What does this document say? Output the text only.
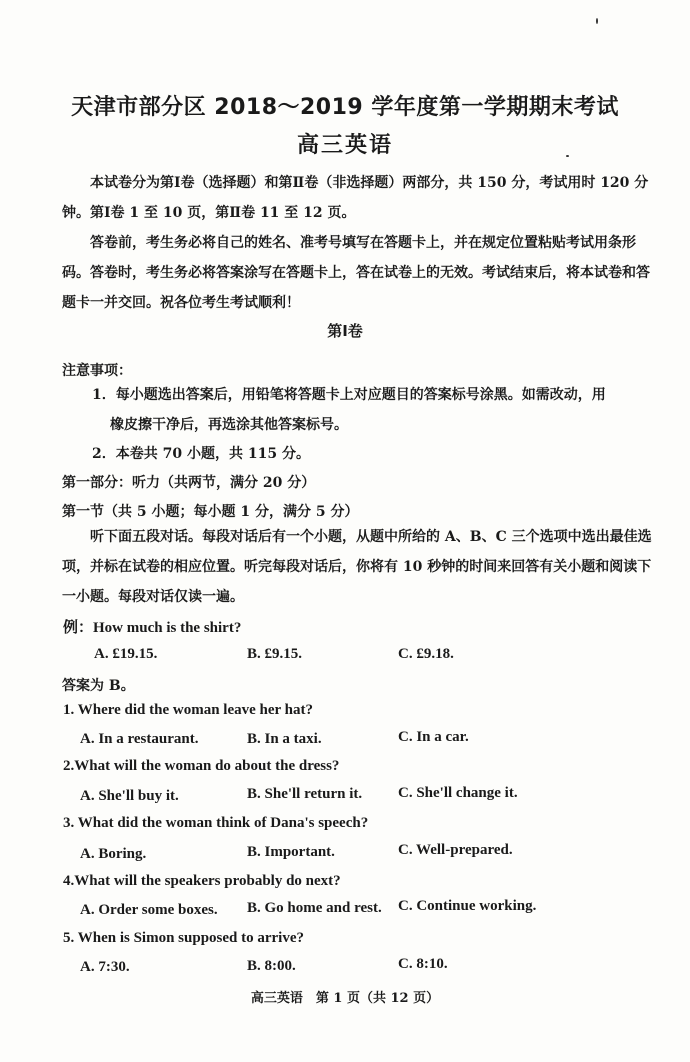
天津市部分区 2018～2019 学年度第一学期期末考试
高三英语
本试卷分为第Ⅰ卷（选择题）和第Ⅱ卷（非选择题）两部分，共 150 分，考试用时 120 分钟。第Ⅰ卷 1 至 10 页，第Ⅱ卷 11 至 12 页。
答卷前，考生务必将自己的姓名、准考号填写在答题卡上，并在规定位置粘贴考试用条形码。答卷时，考生务必将答案涂写在答题卡上，答在试卷上的无效。考试结束后，将本试卷和答题卡一并交回。祝各位考生考试顺利！
第Ⅰ卷
注意事项：
1．每小题选出答案后，用铅笔将答题卡上对应题目的答案标号涂黑。如需改动，用
橡皮擦干净后，再选涂其他答案标号。
2．本卷共 70 小题，共 115 分。
第一部分：听力（共两节，满分 20 分）
第一节（共 5 小题；每小题 1 分，满分 5 分）
听下面五段对话。每段对话后有一个小题，从题中所给的 A、B、C 三个选项中选出最佳选项，并标在试卷的相应位置。听完每段对话后，你将有 10 秒钟的时间来回答有关小题和阅读下一小题。每段对话仅读一遍。
例：How much is the shirt?
A. £19.15.	B. £9.15.	C. £9.18.
答案为 B。
1. Where did the woman leave her hat?
A. In a restaurant.	B. In a taxi.	C. In a car.
2.What will the woman do about the dress?
A. She'll buy it.	B. She'll return it. C. She'll change it.
3. What did the woman think of Dana's speech?
A. Boring.	B. Important.	C. Well-prepared.
4.What will the speakers probably do next?
A. Order some boxes. B. Go home and rest. C. Continue working.
5. When is Simon supposed to arrive?
A. 7:30.	B. 8:00.	C. 8:10.
高三英语　第 1 页（共 12 页）
